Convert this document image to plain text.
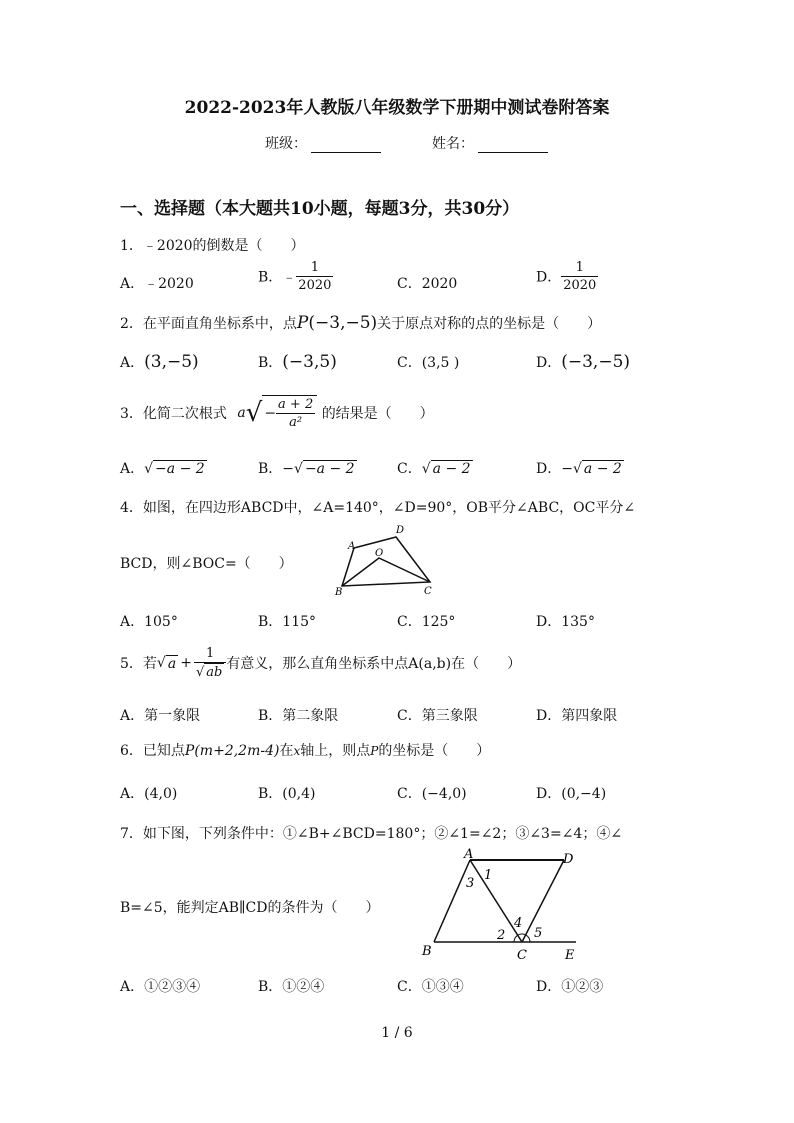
2022-2023年人教版八年级数学下册期中测试卷附答案
班级：	姓名：
一、选择题（本大题共10小题，每题3分，共30分）
1．﹣2020的倒数是（　　）
A．﹣2020	B．﹣ $\frac{1}{2020}$	C．2020	D． $\frac{1}{2020}$
2．在平面直角坐标系中，点P(−3,−5)关于原点对称的点的坐标是（　　）
A．(3,−5)	B．(−3,5)	C．(3,5 )	D．(−3,−5)
3．化简二次根式 $a√ - \frac{a + 2}{\text{a²}}$ 的结果是（　　）
A．√ −a − 2	B．−√ −a − 2	C．√ a − 2	D．−√ a − 2
4．如图，在四边形ABCD中，∠A=140°，∠D=90°，OB平分∠ABC，OC平分∠
BCD，则∠BOC=（　　）
A
D
O
B	C
A．105°	B．115°	C．125°	D．135°
5．若√ $a + \frac{1}{√ ab}$ 有意义，那么直角坐标系中点A(a,b)在（　　）
A．第一象限	B．第二象限	C．第三象限	D．第四象限
6．已知点P(m+2,2m-4)在x轴上，则点P的坐标是（　　）
A．(4,0)	B．(0,4)	C．(−4,0)	D．(0,−4)
7．如下图，下列条件中：①∠B+∠BCD=180°；②∠1=∠2；③∠3=∠4；④∠
B=∠5，能判定AB∥CD的条件为（　　）
A	D
B	C	E
1
3
2
4
5
A．①②③④	B．①②④	C．①③④	D．①②③
1 / 6
